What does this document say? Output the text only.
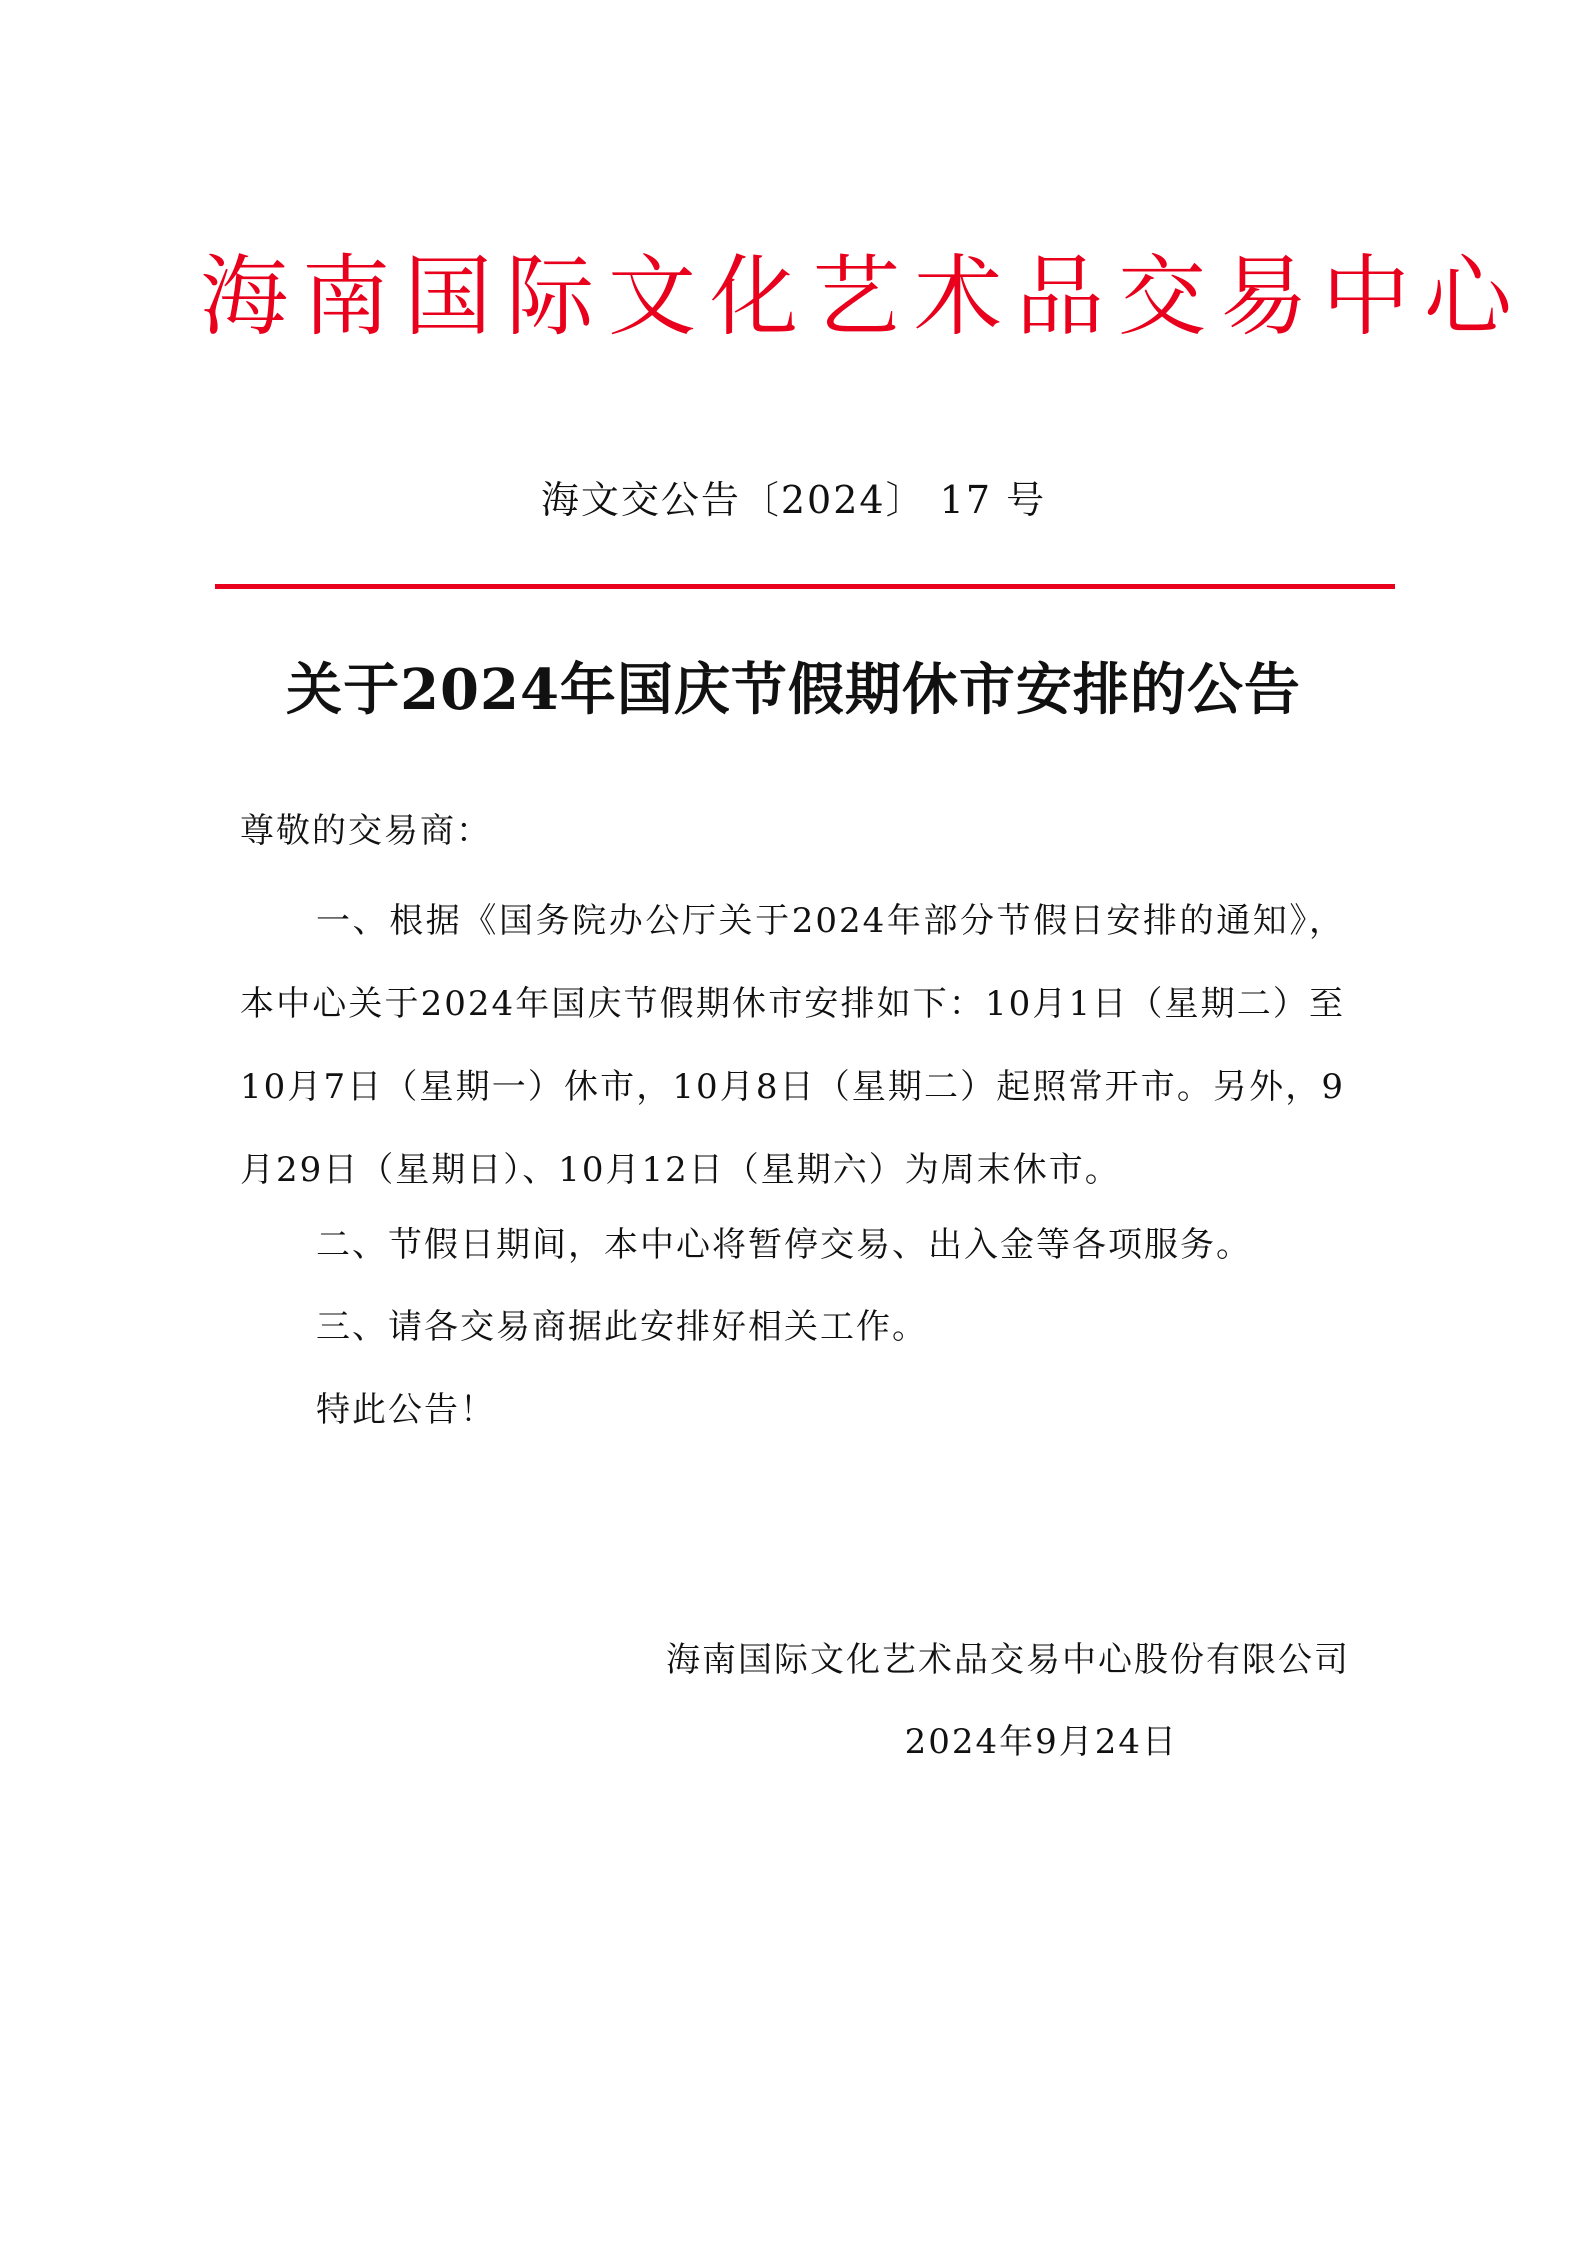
海南国际文化艺术品交易中心
海文交公告〔2024〕 17 号
关于2024年国庆节假期休市安排的公告
尊敬的交易商：
一、根据《国务院办公厅关于2024年部分节假日安排的通知》，本中心关于2024年国庆节假期休市安排如下：10月1日（星期二）至10月7日（星期一）休市，10月8日（星期二）起照常开市。另外，9月29日（星期日）、10月12日（星期六）为周末休市。
二、节假日期间，本中心将暂停交易、出入金等各项服务。
三、请各交易商据此安排好相关工作。
特此公告！
海南国际文化艺术品交易中心股份有限公司
2024年9月24日
